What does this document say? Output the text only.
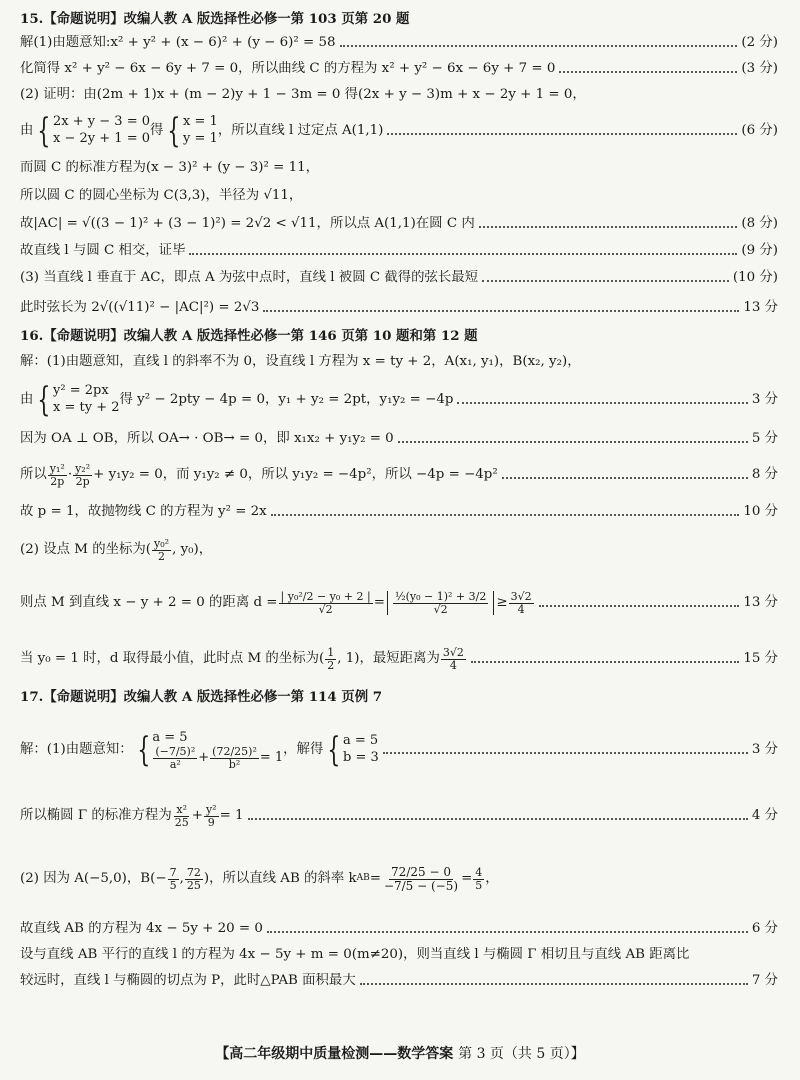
15.【命题说明】改编人教 A 版选择性必修一第 103 页第 20 题
解(1)由题意知:x² + y² + (x − 6)² + (y − 6)² = 58	(2 分)
化简得 x² + y² − 6x − 6y + 7 = 0，所以曲线 C 的方程为 x² + y² − 6x − 6y + 7 = 0	(3 分)
(2) 证明：由(2m + 1)x + (m − 2)y + 1 − 3m = 0 得(2x + y − 3)m + x − 2y + 1 = 0，
由 { 2x + y − 3 = 0
x − 2y + 1 = 0
得 { x = 1
y = 1
，所以直线 l 过定点 A(1,1)	(6 分)
而圆 C 的标准方程为(x − 3)² + (y − 3)² = 11，
所以圆 C 的圆心坐标为 C(3,3)，半径为 √11，
故|AC| = √((3 − 1)² + (3 − 1)²) = 2√2 < √11，所以点 A(1,1)在圆 C 内	(8 分)
故直线 l 与圆 C 相交，证毕	(9 分)
(3) 当直线 l 垂直于 AC，即点 A 为弦中点时，直线 l 被圆 C 截得的弦长最短	(10 分)
此时弦长为 2√((√11)² − |AC|²) = 2√3	13 分
16.【命题说明】改编人教 A 版选择性必修一第 146 页第 10 题和第 12 题
解：(1)由题意知，直线 l 的斜率不为 0，设直线 l 方程为 x = ty + 2，A(x₁, y₁)，B(x₂, y₂)，
由 { y² = 2px
x = ty + 2
得 y² − 2pty − 4p = 0，y₁ + y₂ = 2pt，y₁y₂ = −4p	3 分
因为 OA ⊥ OB，所以 OA→ · OB→ = 0，即 x₁x₂ + y₁y₂ = 0	5 分
所以 $\frac{\text{y₁²}}{2p} \cdot \frac{\text{y₂²}}{2p} + y_1y_2 = 0$，而 y₁y₂ ≠ 0，所以 y₁y₂ = −4p²，所以 −4p = −4p²	8 分
故 p = 1，故抛物线 C 的方程为 y² = 2x	10 分
(2) 设点 M 的坐标为( $\frac{\text{y₀²}}{2}$ , y₀)，
则点 M 到直线 x − y + 2 = 0 的距离 $d = \frac{\text{| y₀²/2 − y₀ + 2 |}}{√2} = \frac{\text{½(y₀ − 1)² + 3/2}}{√2} \ge \frac{3√2}{4}$	13 分
当 y₀ = 1 时，d 取得最小值，此时点 M 的坐标为( $\frac{1}{2}$ , 1)，最短距离为 $\frac{3√2}{4}$	15 分
17.【命题说明】改编人教 A 版选择性必修一第 114 页例 7
解：(1)由题意知： { a = 5
$\frac{\text{(−7/5)²}}{\text{a²}} + \frac{\text{(72/25)²}}{\text{b²}} = 1$
，解得 { a = 5
b = 3
3 分
所以椭圆 Γ 的标准方程为 $\frac{\text{x²}}{25} + \frac{\text{y²}}{9} = 1$	4 分
(2) 因为 A(−5,0)，$B(- \frac{7}{5}$ , $\frac{72}{25}$ )，所以直线 AB 的斜率 k AB = $\frac{72/25 - 0}{-7/5 - (-5)} = \frac{4}{5}$ ，
故直线 AB 的方程为 4x − 5y + 20 = 0	6 分
设与直线 AB 平行的直线 l 的方程为 4x − 5y + m = 0(m≠20)，则当直线 l 与椭圆 Γ 相切且与直线 AB 距离比
较远时，直线 l 与椭圆的切点为 P，此时△PAB 面积最大	7 分
【高二年级期中质量检测——数学答案 第 3 页（共 5 页）】
